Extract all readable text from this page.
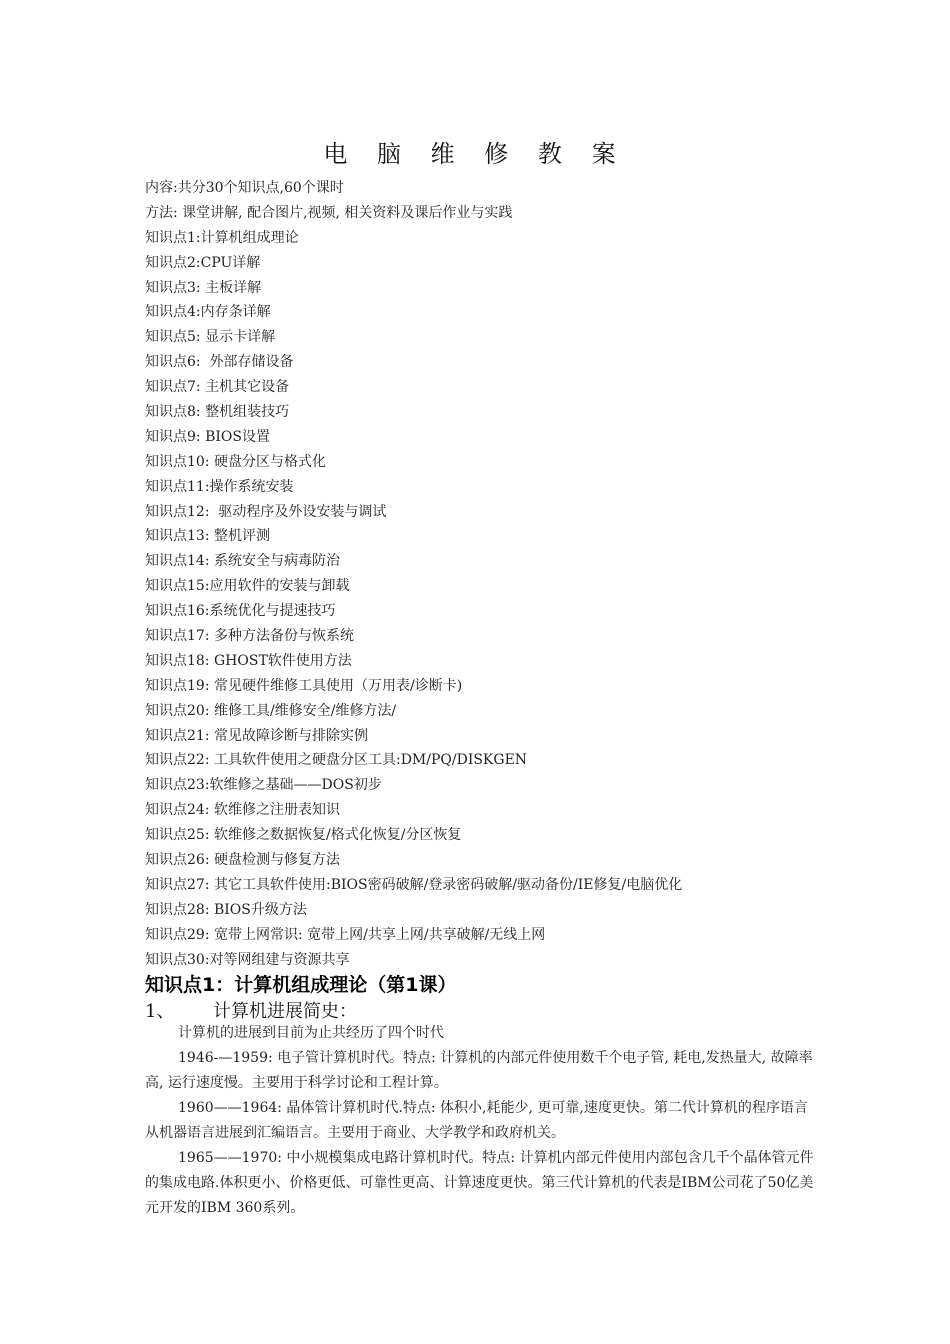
电 脑 维 修 教 案
内容:共分30个知识点,60个课时
方法: 课堂讲解, 配合图片,视频, 相关资料及课后作业与实践
知识点1:计算机组成理论
知识点2:CPU详解
知识点3: 主板详解
知识点4:内存条详解
知识点5: 显示卡详解
知识点6:  外部存储设备
知识点7: 主机其它设备
知识点8: 整机组装技巧
知识点9: BIOS设置
知识点10: 硬盘分区与格式化
知识点11:操作系统安装
知识点12:  驱动程序及外设安装与调试
知识点13: 整机评测
知识点14: 系统安全与病毒防治
知识点15:应用软件的安装与卸载
知识点16:系统优化与提速技巧
知识点17: 多种方法备份与恢系统
知识点18: GHOST软件使用方法
知识点19: 常见硬件维修工具使用（万用表/诊断卡)
知识点20: 维修工具/维修安全/维修方法/
知识点21: 常见故障诊断与排除实例
知识点22: 工具软件使用之硬盘分区工具:DM/PQ/DISKGEN
知识点23:软维修之基础——DOS初步
知识点24: 软维修之注册表知识
知识点25: 软维修之数据恢复/格式化恢复/分区恢复
知识点26: 硬盘检测与修复方法
知识点27: 其它工具软件使用:BIOS密码破解/登录密码破解/驱动备份/IE修复/电脑优化
知识点28: BIOS升级方法
知识点29: 宽带上网常识: 宽带上网/共享上网/共享破解/无线上网
知识点30:对等网组建与资源共享
知识点1：计算机组成理论（第1课）
1、 计算机进展简史：

计算机的进展到目前为止共经历了四个时代

1946-—1959: 电子管计算机时代。特点: 计算机的内部元件使用数千个电子管, 耗电,发热量大, 故障率高, 运行速度慢。主要用于科学讨论和工程计算。

1960——1964: 晶体管计算机时代.特点: 体积小,耗能少, 更可靠,速度更快。第二代计算机的程序语言从机器语言进展到汇编语言。主要用于商业、大学教学和政府机关。

1965——1970: 中小规模集成电路计算机时代。特点: 计算机内部元件使用内部包含几千个晶体管元件的集成电路.体积更小、价格更低、可靠性更高、计算速度更快。第三代计算机的代表是IBM公司花了50亿美元开发的IBM 360系列。
